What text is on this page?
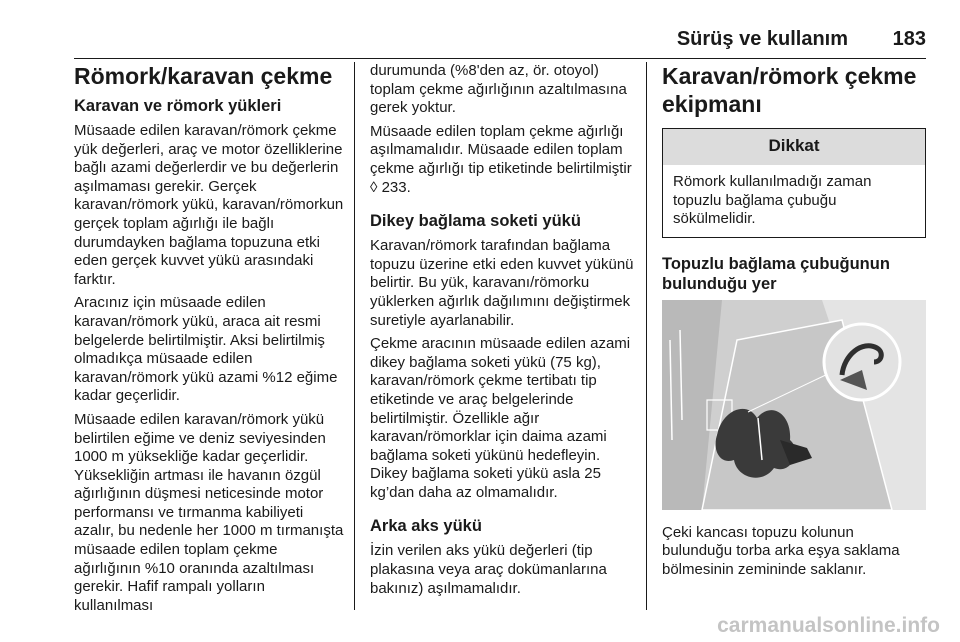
Sürüş ve kullanım 183
Römork/karavan çekme
Karavan ve römork yükleri

Müsaade edilen karavan/römork çekme yük değerleri, araç ve motor özelliklerine bağlı azami değerlerdir ve bu değerlerin aşılmaması gerekir. Gerçek karavan/römork yükü, karavan/römorkun gerçek toplam ağırlığı ile bağlı durumdayken bağlama topuzuna etki eden gerçek kuvvet yükü arasındaki farktır.

Aracınız için müsaade edilen karavan/römork yükü, araca ait resmi belgelerde belirtilmiştir. Aksi belirtilmiş olmadıkça müsaade edilen karavan/römork yükü azami %12 eğime kadar geçerlidir.

Müsaade edilen karavan/römork yükü belirtilen eğime ve deniz seviyesinden 1000 m yüksekliğe kadar geçerlidir. Yüksekliğin artması ile havanın özgül ağırlığının düşmesi neticesinde motor performansı ve tırmanma kabiliyeti azalır, bu nedenle her 1000 m tırmanışta müsaade edilen toplam çekme ağırlığının %10 oranında azaltılması gerekir. Hafif rampalı yolların kullanılması

durumunda (%8'den az, ör. otoyol) toplam çekme ağırlığının azaltılmasına gerek yoktur.

Müsaade edilen toplam çekme ağırlığı aşılmamalıdır. Müsaade edilen toplam çekme ağırlığı tip etiketinde belirtilmiştir ◊ 233.

Dikey bağlama soketi yükü

Karavan/römork tarafından bağlama topuzu üzerine etki eden kuvvet yükünü belirtir. Bu yük, karavanı/römorku yüklerken ağırlık dağılımını değiştirmek suretiyle ayarlanabilir.

Çekme aracının müsaade edilen azami dikey bağlama soketi yükü (75 kg), karavan/römork çekme tertibatı tip etiketinde ve araç belgelerinde belirtilmiştir. Özellikle ağır karavan/römorklar için daima azami bağlama soketi yükünü hedefleyin. Dikey bağlama soketi yükü asla 25 kg’dan daha az olmamalıdır.

Arka aks yükü

İzin verilen aks yükü değerleri (tip plakasına veya araç dokümanlarına bakınız) aşılmamalıdır.

Karavan/römork çekme ekipmanı
Dikkat
Römork kullanılmadığı zaman topuzlu bağlama çubuğu sökülmelidir.
Topuzlu bağlama çubuğunun bulunduğu yer

Çeki kancası topuzu kolunun bulunduğu torba arka eşya saklama bölmesinin zemininde saklanır.

carmanualsonline.info
